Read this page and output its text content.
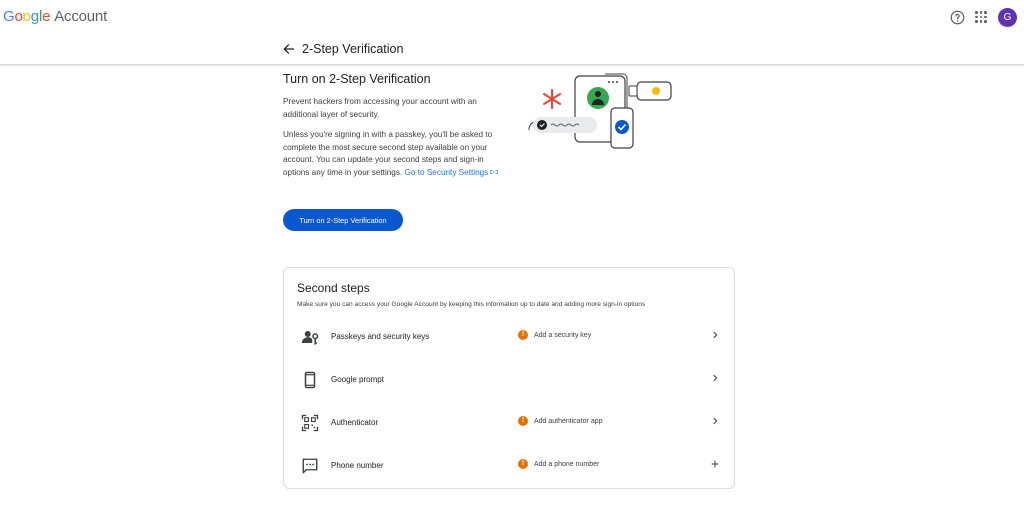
Google Account	G
2-Step Verification
Turn on 2-Step Verification
Prevent hackers from accessing your account with an additional layer of security.
Unless you're signing in with a passkey, you'll be asked to complete the most secure second step available on your account. You can update your second steps and sign-in options any time in your settings. Go to Security Settings
Turn on 2-Step Verification
Second steps
Make sure you can access your Google Account by keeping this information up to date and adding more sign-in options
Passkeys and security keys	!	Add a security key
Google prompt
Authenticator	!	Add authenticator app
Phone number	!	Add a phone number
